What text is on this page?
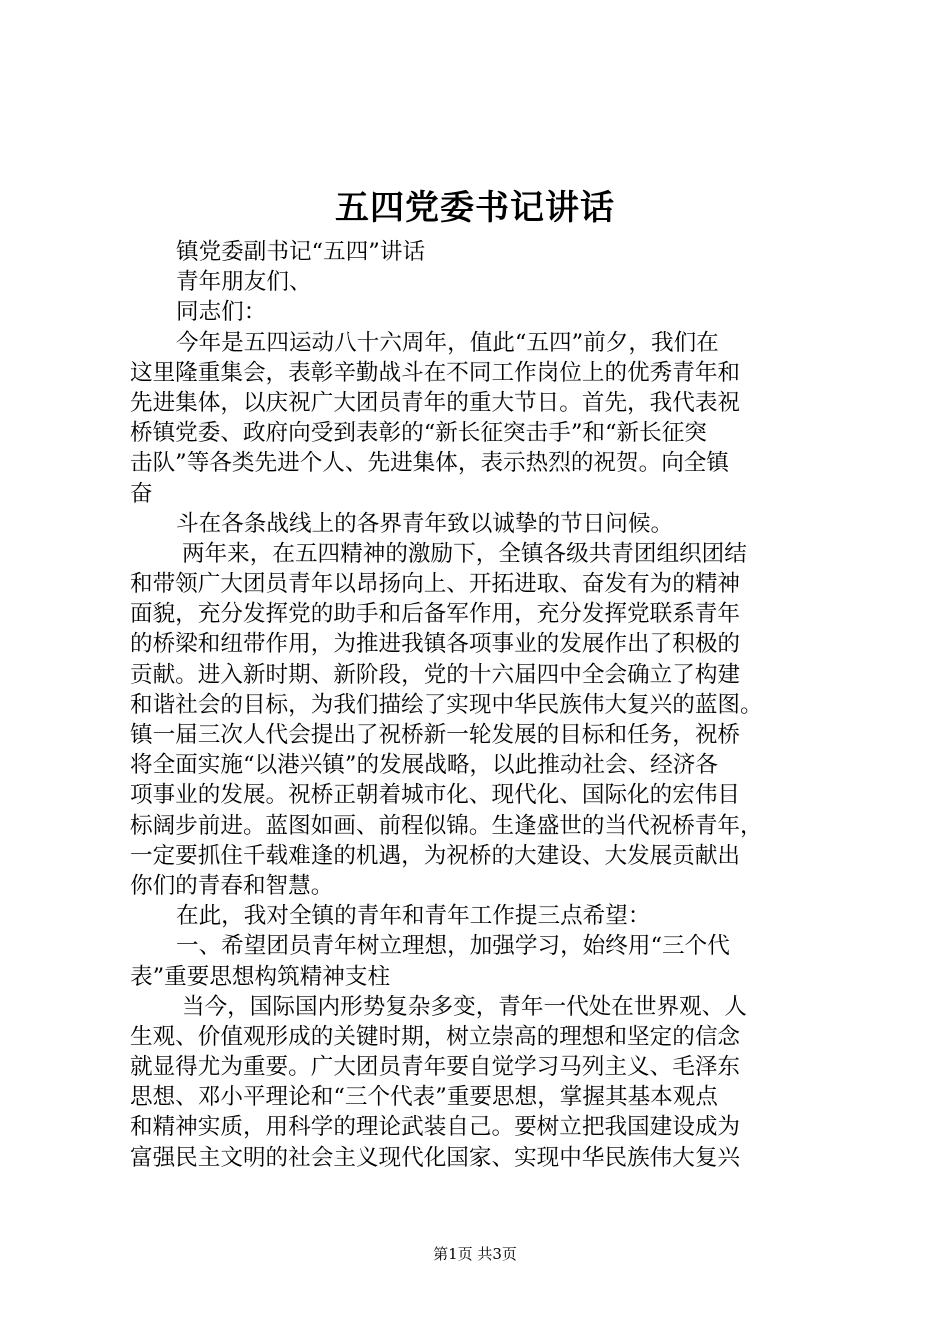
五四党委书记讲话
镇党委副书记“五四”讲话
青年朋友们、
同志们：
今年是五四运动八十六周年，值此“五四”前夕，我们在
这里隆重集会，表彰辛勤战斗在不同工作岗位上的优秀青年和
先进集体，以庆祝广大团员青年的重大节日。首先，我代表祝
桥镇党委、政府向受到表彰的“新长征突击手”和“新长征突
击队”等各类先进个人、先进集体，表示热烈的祝贺。向全镇
奋
斗在各条战线上的各界青年致以诚挚的节日问候。
两年来，在五四精神的激励下，全镇各级共青团组织团结
和带领广大团员青年以昂扬向上、开拓进取、奋发有为的精神
面貌，充分发挥党的助手和后备军作用，充分发挥党联系青年
的桥梁和纽带作用，为推进我镇各项事业的发展作出了积极的
贡献。进入新时期、新阶段，党的十六届四中全会确立了构建
和谐社会的目标，为我们描绘了实现中华民族伟大复兴的蓝图。
镇一届三次人代会提出了祝桥新一轮发展的目标和任务，祝桥
将全面实施“以港兴镇”的发展战略，以此推动社会、经济各
项事业的发展。祝桥正朝着城市化、现代化、国际化的宏伟目
标阔步前进。蓝图如画、前程似锦。生逢盛世的当代祝桥青年，
一定要抓住千载难逢的机遇，为祝桥的大建设、大发展贡献出
你们的青春和智慧。
在此，我对全镇的青年和青年工作提三点希望：
一、希望团员青年树立理想，加强学习，始终用“三个代
表”重要思想构筑精神支柱
当今，国际国内形势复杂多变，青年一代处在世界观、人
生观、价值观形成的关键时期，树立崇高的理想和坚定的信念
就显得尤为重要。广大团员青年要自觉学习马列主义、毛泽东
思想、邓小平理论和“三个代表”重要思想，掌握其基本观点
和精神实质，用科学的理论武装自己。要树立把我国建设成为
富强民主文明的社会主义现代化国家、实现中华民族伟大复兴
第1页 共3页
